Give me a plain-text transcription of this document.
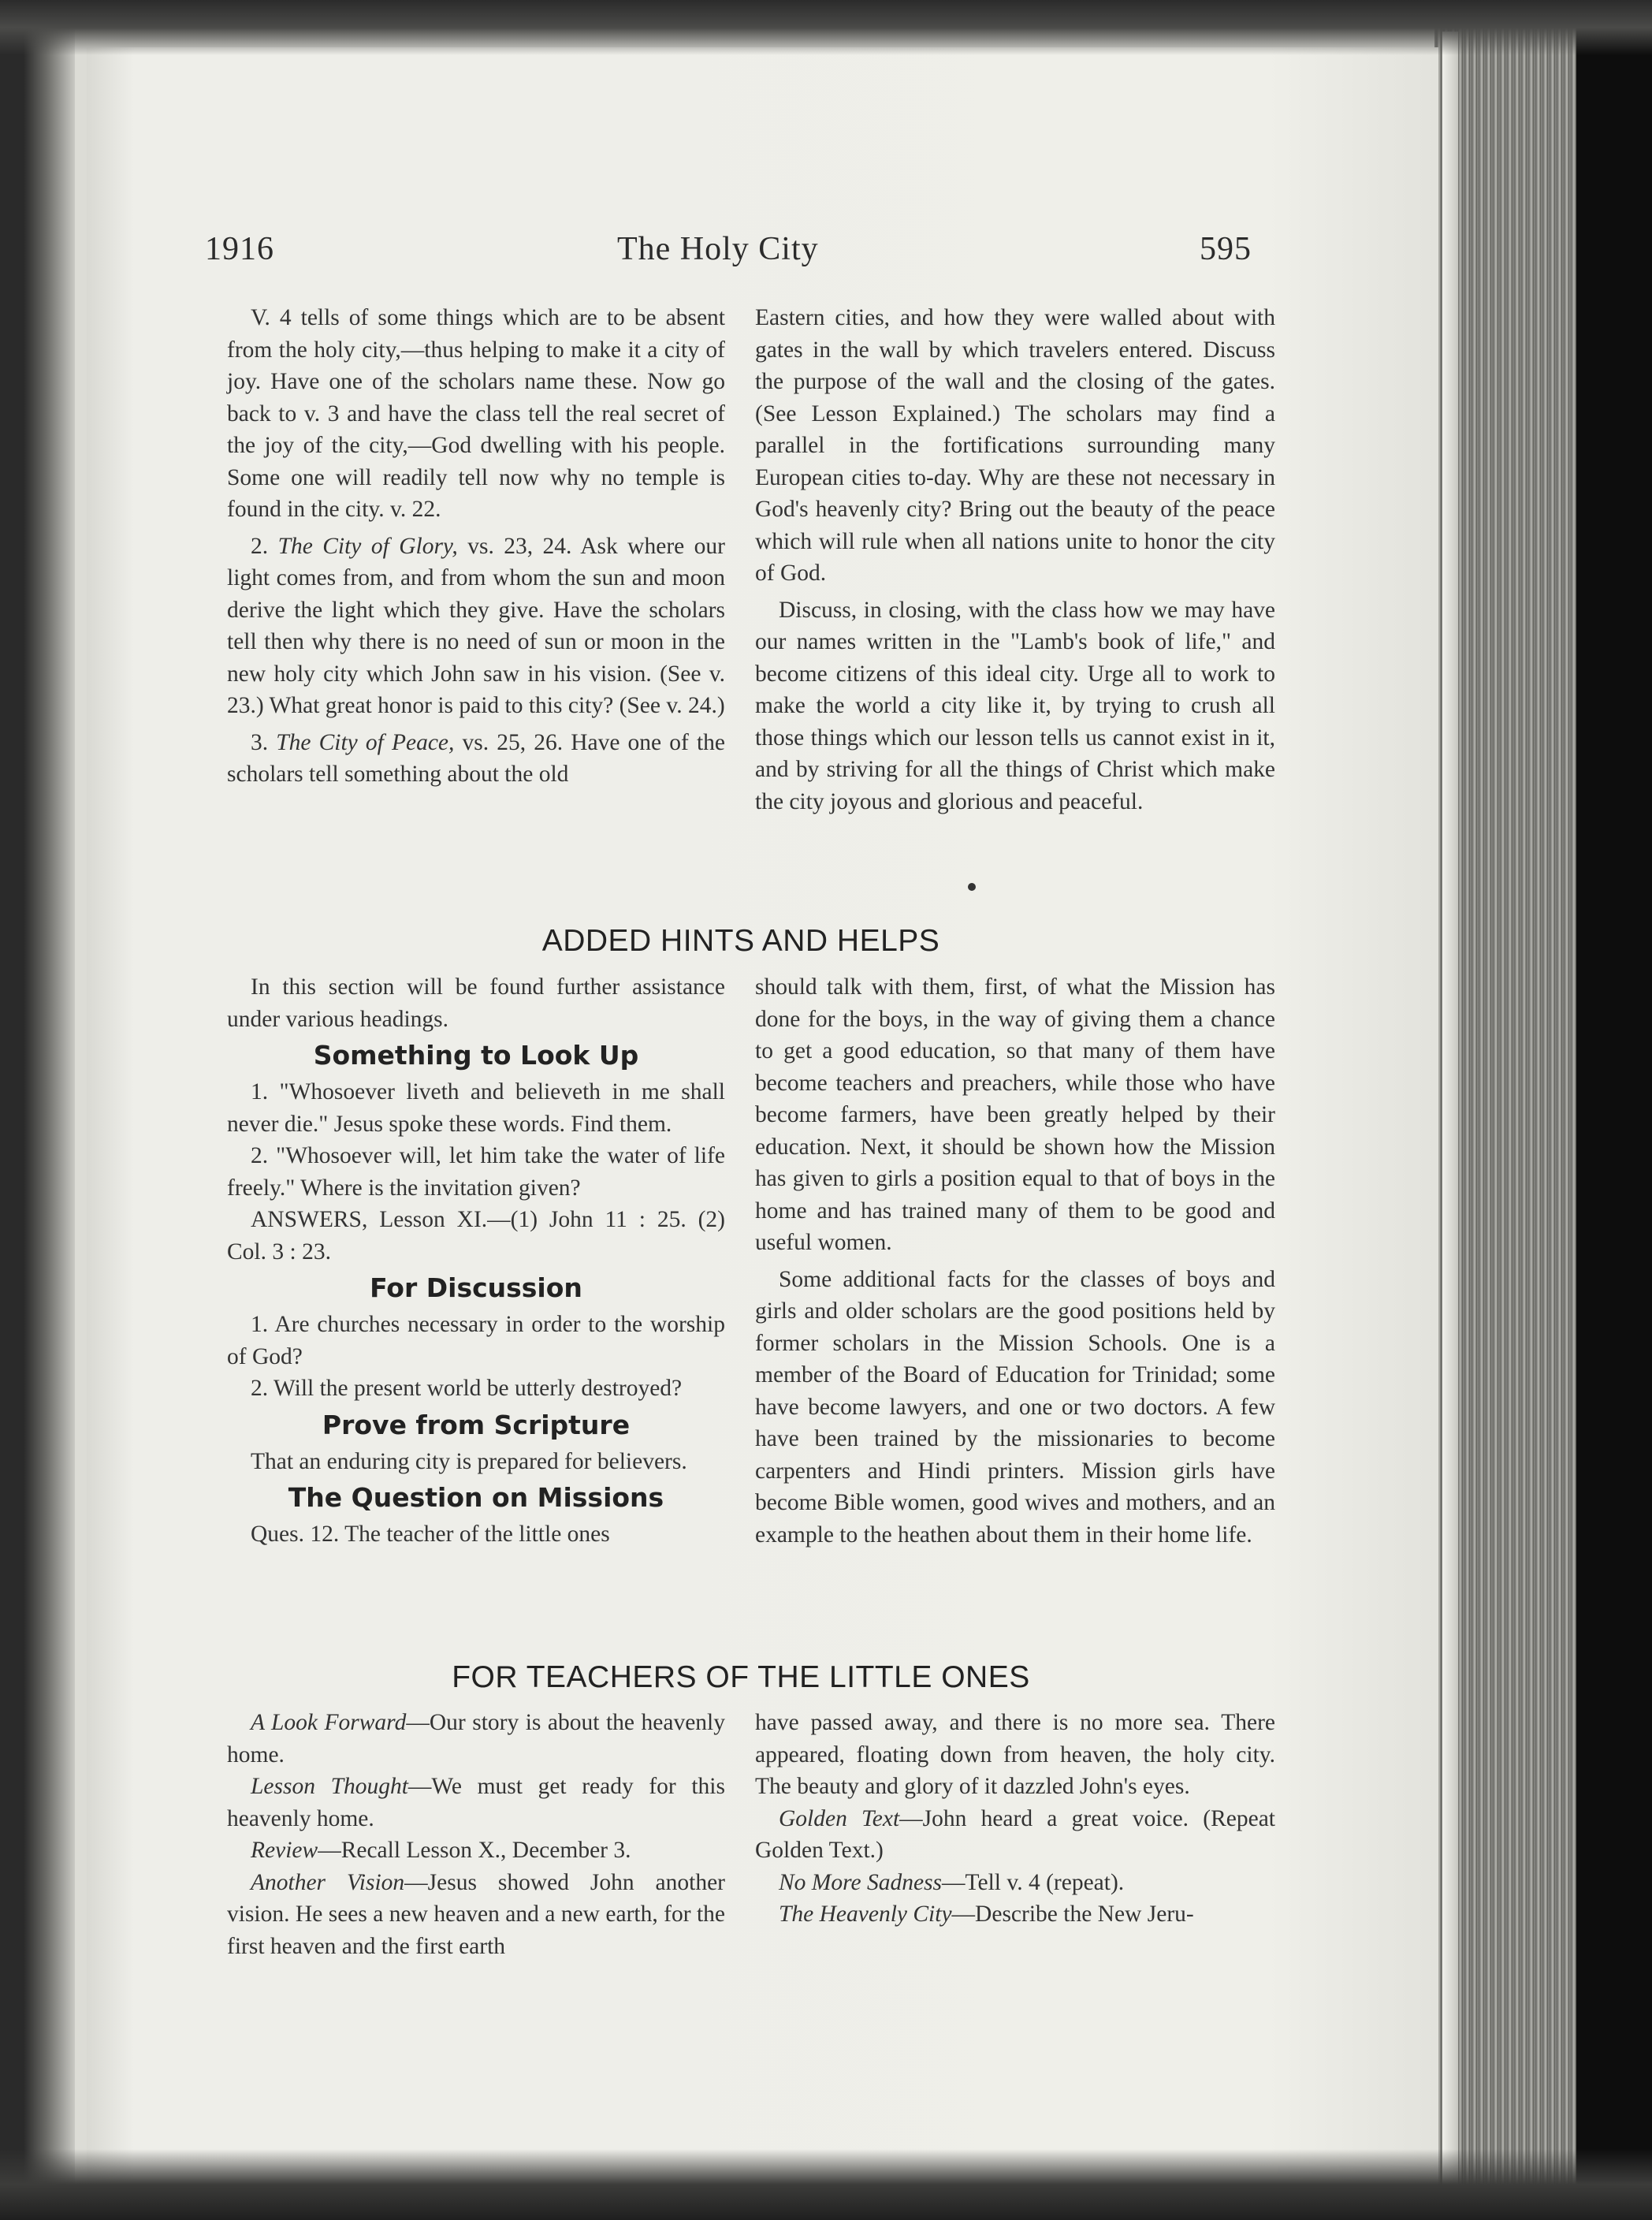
1916	The Holy City	595

V. 4 tells of some things which are to be absent from the holy city,—thus helping to make it a city of joy. Have one of the scholars name these. Now go back to v. 3 and have the class tell the real secret of the joy of the city,—God dwelling with his people. Some one will readily tell now why no temple is found in the city. v. 22.

2. The City of Glory, vs. 23, 24. Ask where our light comes from, and from whom the sun and moon derive the light which they give. Have the scholars tell then why there is no need of sun or moon in the new holy city which John saw in his vision. (See v. 23.) What great honor is paid to this city? (See v. 24.)

3. The City of Peace, vs. 25, 26. Have one of the scholars tell something about the old

Eastern cities, and how they were walled about with gates in the wall by which travelers entered. Discuss the purpose of the wall and the closing of the gates. (See Lesson Explained.) The scholars may find a parallel in the fortifications surrounding many European cities to-day. Why are these not necessary in God's heavenly city? Bring out the beauty of the peace which will rule when all nations unite to honor the city of God.

Discuss, in closing, with the class how we may have our names written in the "Lamb's book of life," and become citizens of this ideal city. Urge all to work to make the world a city like it, by trying to crush all those things which our lesson tells us cannot exist in it, and by striving for all the things of Christ which make the city joyous and glorious and peaceful.

ADDED HINTS AND HELPS

In this section will be found further assistance under various headings.

Something to Look Up

1. "Whosoever liveth and believeth in me shall never die." Jesus spoke these words. Find them.

2. "Whosoever will, let him take the water of life freely." Where is the invitation given?

ANSWERS, Lesson XI.—(1) John 11 : 25. (2) Col. 3 : 23.

For Discussion

1. Are churches necessary in order to the worship of God?

2. Will the present world be utterly destroyed?

Prove from Scripture

That an enduring city is prepared for believers.

The Question on Missions

Ques. 12. The teacher of the little ones

should talk with them, first, of what the Mission has done for the boys, in the way of giving them a chance to get a good education, so that many of them have become teachers and preachers, while those who have become farmers, have been greatly helped by their education. Next, it should be shown how the Mission has given to girls a position equal to that of boys in the home and has trained many of them to be good and useful women.

Some additional facts for the classes of boys and girls and older scholars are the good positions held by former scholars in the Mission Schools. One is a member of the Board of Education for Trinidad; some have become lawyers, and one or two doctors. A few have been trained by the missionaries to become carpenters and Hindi printers. Mission girls have become Bible women, good wives and mothers, and an example to the heathen about them in their home life.

FOR TEACHERS OF THE LITTLE ONES

A Look Forward—Our story is about the heavenly home.

Lesson Thought—We must get ready for this heavenly home.

Review—Recall Lesson X., December 3.

Another Vision—Jesus showed John another vision. He sees a new heaven and a new earth, for the first heaven and the first earth

have passed away, and there is no more sea. There appeared, floating down from heaven, the holy city. The beauty and glory of it dazzled John's eyes.

Golden Text—John heard a great voice. (Repeat Golden Text.)

No More Sadness—Tell v. 4 (repeat).

The Heavenly City—Describe the New Jeru-
